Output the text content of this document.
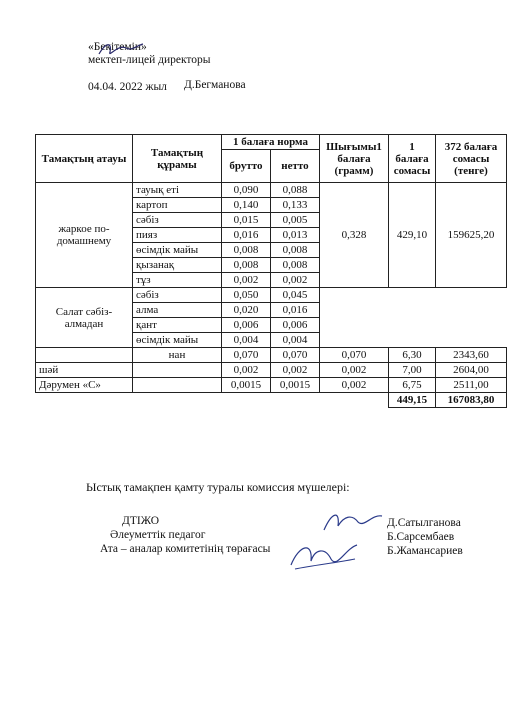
«Бекітемін»
мектеп-лицей директоры
Д.Бегманова
04.04. 2022 жыл
Тамақтың атауы	Тамақтың құрамы	1 балаға норма		Шығымы1 балаға (грамм)	1 балаға сомасы	372 балаға сомасы (тенге)
		брутто	нетто			
жаркое по-домашнему	тауық еті	0,090	0,088	0,328	429,10	159625,20
	картоп	0,140	0,133			
	сәбіз	0,015	0,005			
	пияз	0,016	0,013			
	өсімдік майы	0,008	0,008			
	қызанақ	0,008	0,008			
	тұз	0,002	0,002			
Салат сәбіз-алмадан	сәбіз	0,050	0,045			
	алма	0,020	0,016			
	қант	0,006	0,006			
	өсімдік майы	0,004	0,004			
	нан	0,070	0,070	0,070	6,30	2343,60
шәй		0,002	0,002	0,002	7,00	2604,00
Дәрумен «С»		0,0015	0,0015	0,002	6,75	2511,00
					449,15	167083,80
Ыстық тамақпен қамту туралы комиссия мүшелері:
ДТІЖО
Әлеуметтік педагог
Ата – аналар комитетінің төрағасы
Д.Сатылганова
Б.Сарсембаев
Б.Жамансариев
